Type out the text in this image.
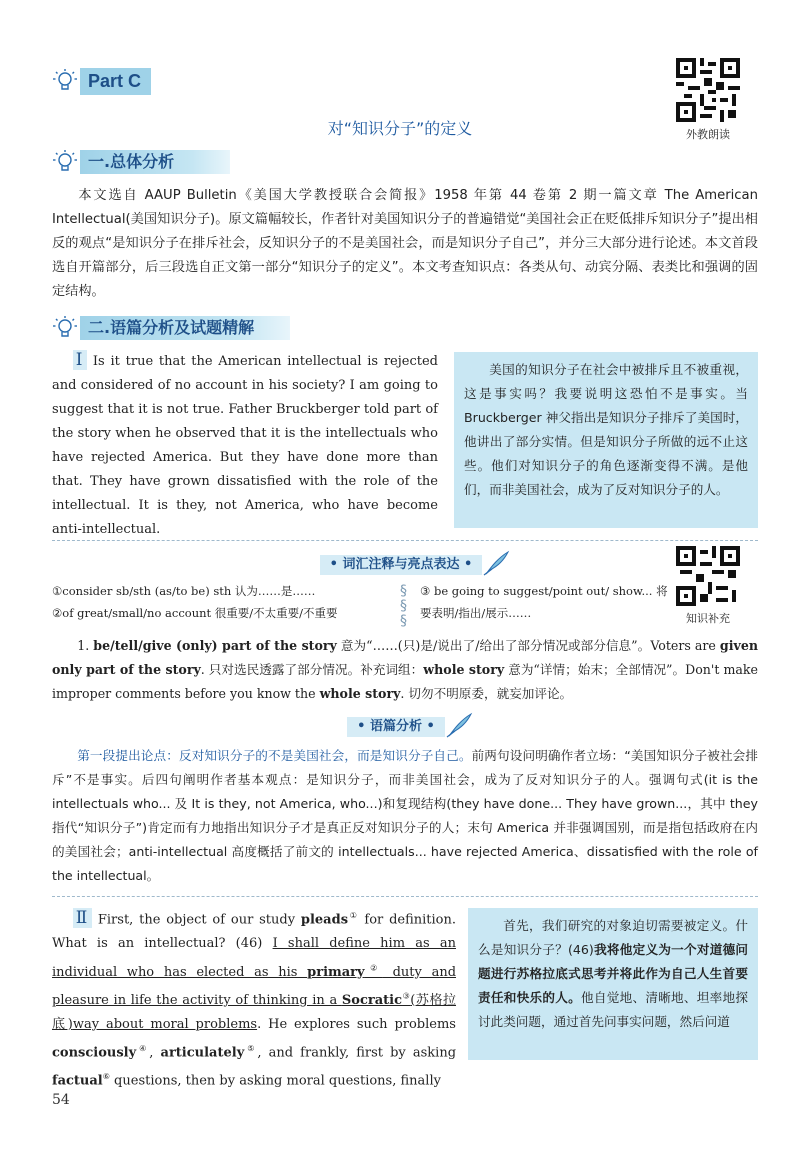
Part C
外教朗读
对“知识分子”的定义
一.总体分析
本文选自 AAUP Bulletin《美国大学教授联合会简报》1958 年第 44 卷第 2 期一篇文章 The American Intellectual(美国知识分子)。原文篇幅较长，作者针对美国知识分子的普遍错觉“美国社会正在贬低排斥知识分子”提出相反的观点“是知识分子在排斥社会，反知识分子的不是美国社会，而是知识分子自己”，并分三大部分进行论述。本文首段选自开篇部分，后三段选自正文第一部分“知识分子的定义”。本文考查知识点：各类从句、动宾分隔、表类比和强调的固定结构。
二.语篇分析及试题精解
Ⅰ Is it true that the American intellectual is rejected and considered of no account in his society? I am going to suggest that it is not true. Father Bruckberger told part of the story when he observed that it is the intellectuals who have rejected America. But they have done more than that. They have grown dissatisfied with the role of the intellectual. It is they, not America, who have become anti-intellectual.
美国的知识分子在社会中被排斥且不被重视，这是事实吗？我要说明这恐怕不是事实。当 Bruckberger 神父指出是知识分子排斥了美国时，他讲出了部分实情。但是知识分子所做的远不止这些。他们对知识分子的角色逐渐变得不满。是他们，而非美国社会，成为了反对知识分子的人。
• 词汇注释与亮点表达 •
①consider sb/sth (as/to be) sth 认为……是……
②of great/small/no account 很重要/不太重要/不重要
§
§
§
③ be going to suggest/point out/ show... 将要表明/指出/展示……	知识补充
1. be/tell/give (only) part of the story 意为“……(只)是/说出了/给出了部分情况或部分信息”。Voters are given only part of the story. 只对选民透露了部分情况。补充词组：whole story 意为“详情；始末；全部情况”。Don't make improper comments before you know the whole story. 切勿不明原委，就妄加评论。
• 语篇分析 •
第一段提出论点：反对知识分子的不是美国社会，而是知识分子自己。前两句设问明确作者立场：“美国知识分子被社会排斥”不是事实。后四句阐明作者基本观点：是知识分子，而非美国社会，成为了反对知识分子的人。强调句式(it is the intellectuals who... 及 It is they, not America, who...)和复现结构(they have done... They have grown...，其中 they 指代“知识分子”)肯定而有力地指出知识分子才是真正反对知识分子的人；末句 America 并非强调国别，而是指包括政府在内的美国社会；anti-intellectual 高度概括了前文的 intellectuals... have rejected America、dissatisfied with the role of the intellectual。
Ⅱ First, the object of our study pleads① for definition. What is an intellectual? (46) I shall define him as an individual who has elected as his primary② duty and pleasure in life the activity of thinking in a Socratic③(苏格拉底)way about moral problems. He explores such problems consciously④, articulately⑤, and frankly, first by asking factual⑥ questions, then by asking moral questions, finally
首先，我们研究的对象迫切需要被定义。什么是知识分子？(46)我将他定义为一个对道德问题进行苏格拉底式思考并将此作为自己人生首要责任和快乐的人。他自觉地、清晰地、坦率地探讨此类问题，通过首先问事实问题，然后问道
54
